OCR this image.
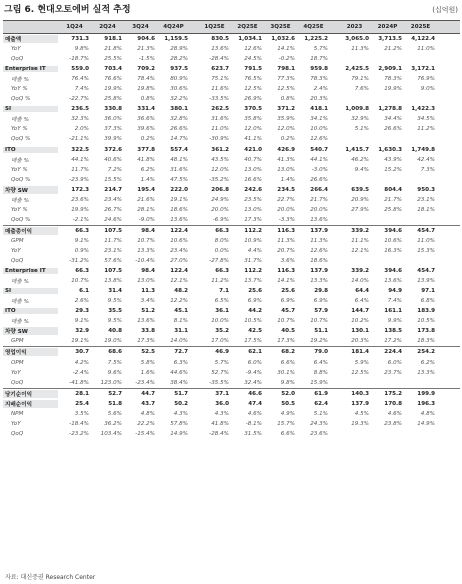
그림 6. 현대오토에버 실적 추정	(십억원)
1Q24	2Q24	3Q24	4Q24P	1Q25E	2Q25E	3Q25E	4Q25E	2023	2024P	2025E
매출액	731.3	918.1	904.6	1,159.5	830.5	1,034.1	1,032.6	1,225.2	3,065.0	3,713.5	4,122.4
YoY	9.8%	21.8%	21.3%	28.9%	13.6%	12.6%	14.1%	5.7%	11.3%	21.2%	11.0%
QoQ	-18.7%	25.5%	-1.5%	28.2%	-28.4%	24.5%	-0.2%	18.7%
Enterprise IT	559.0	703.4	709.2	937.5	623.7	791.5	798.1	959.8	2,425.5	2,909.1	3,172.1
매출 %	76.4%	76.6%	78.4%	80.9%	75.1%	76.5%	77.3%	78.3%	79.1%	78.3%	76.9%
YoY %	7.4%	19.9%	19.8%	30.6%	11.6%	12.5%	12.5%	2.4%	7.6%	19.9%	9.0%
QoQ %	-22.7%	25.8%	0.8%	32.2%	-33.5%	26.9%	0.8%	20.3%
SI	236.5	330.8	331.4	380.1	262.5	370.5	371.2	418.1	1,009.8	1,278.8	1,422.3
매출 %	32.3%	36.0%	36.6%	32.8%	31.6%	35.8%	35.9%	34.1%	32.9%	34.4%	34.5%
YoY %	2.0%	37.3%	39.6%	26.6%	11.0%	12.0%	12.0%	10.0%	5.1%	26.6%	11.2%
QoQ %	-21.1%	39.9%	0.2%	14.7%	-30.9%	41.1%	0.2%	12.6%
ITO	322.5	372.6	377.8	557.4	361.2	421.0	426.9	540.7	1,415.7	1,630.3	1,749.8
매출 %	44.1%	40.6%	41.8%	48.1%	43.5%	40.7%	41.3%	44.1%	46.2%	43.9%	42.4%
YoY %	11.7%	7.2%	6.2%	31.6%	12.0%	13.0%	13.0%	-3.0%	9.4%	15.2%	7.3%
QoQ %	-23.9%	15.5%	1.4%	47.5%	-35.2%	16.6%	1.4%	26.6%
차량 SW	172.3	214.7	195.4	222.0	206.8	242.6	234.5	266.4	639.5	804.4	950.3
매출 %	23.6%	23.4%	21.6%	19.1%	24.9%	23.5%	22.7%	21.7%	20.9%	21.7%	23.1%
YoY %	19.9%	26.7%	28.1%	18.6%	20.0%	13.0%	20.0%	20.0%	27.9%	25.8%	18.1%
QoQ %	-2.1%	24.6%	-9.0%	13.6%	-6.9%	17.3%	-3.3%	13.6%
매출총이익	66.3	107.5	98.4	122.4	66.3	112.2	116.3	137.9	339.2	394.6	454.7
GPM	9.1%	11.7%	10.7%	10.6%	8.0%	10.9%	11.3%	11.3%	11.1%	10.6%	11.0%
YoY	0.9%	23.1%	13.3%	23.4%	0.0%	4.4%	20.7%	12.6%	12.1%	16.3%	15.3%
QoQ	-31.2%	57.6%	-10.4%	27.0%	-27.8%	31.7%	3.6%	18.6%
Enterprise IT	66.3	107.5	98.4	122.4	66.3	112.2	116.3	137.9	339.2	394.6	454.7
매출 %	10.7%	13.8%	13.0%	12.1%	11.2%	13.7%	14.1%	13.3%	14.0%	13.6%	13.9%
SI	6.1	31.4	11.3	48.2	7.1	25.6	25.6	29.8	64.4	94.9	97.1
매출 %	2.6%	9.5%	3.4%	12.2%	6.5%	6.9%	6.9%	6.9%	6.4%	7.4%	6.8%
ITO	29.3	35.5	51.2	45.1	36.1	44.2	45.7	57.9	144.7	161.1	183.9
매출 %	9.1%	9.5%	13.6%	8.1%	10.0%	10.5%	10.7%	10.7%	10.2%	9.9%	10.5%
차량 SW	32.9	40.8	33.8	31.1	35.2	42.5	40.5	51.1	130.1	138.5	173.8
GPM	19.1%	19.0%	17.3%	14.0%	17.0%	17.5%	17.3%	19.2%	20.3%	17.2%	18.3%
영업이익	30.7	68.6	52.5	72.7	46.9	62.1	68.2	79.0	181.4	224.4	254.2
OPM	4.2%	7.5%	5.8%	6.3%	5.7%	6.0%	6.6%	6.4%	5.9%	6.0%	6.2%
YoY	-2.4%	9.6%	1.6%	44.6%	52.7%	-9.4%	30.1%	8.8%	12.5%	23.7%	13.3%
QoQ	-41.8%	123.0%	-23.4%	38.4%	-35.5%	32.4%	9.8%	15.9%
당기순이익	28.1	52.7	44.7	51.7	37.1	46.6	52.0	61.9	140.3	175.2	199.9
지배순이익	25.4	51.8	43.7	50.2	36.0	47.4	50.5	62.4	137.9	170.8	196.3
NPM	3.5%	5.6%	4.8%	4.3%	4.3%	4.6%	4.9%	5.1%	4.5%	4.6%	4.8%
YoY	-18.4%	36.2%	22.2%	57.8%	41.8%	-8.1%	15.7%	24.3%	19.3%	23.8%	14.9%
QoQ	-23.2%	103.4%	-15.4%	14.9%	-28.4%	31.5%	6.6%	23.6%
자료: 대신증권 Research Center
